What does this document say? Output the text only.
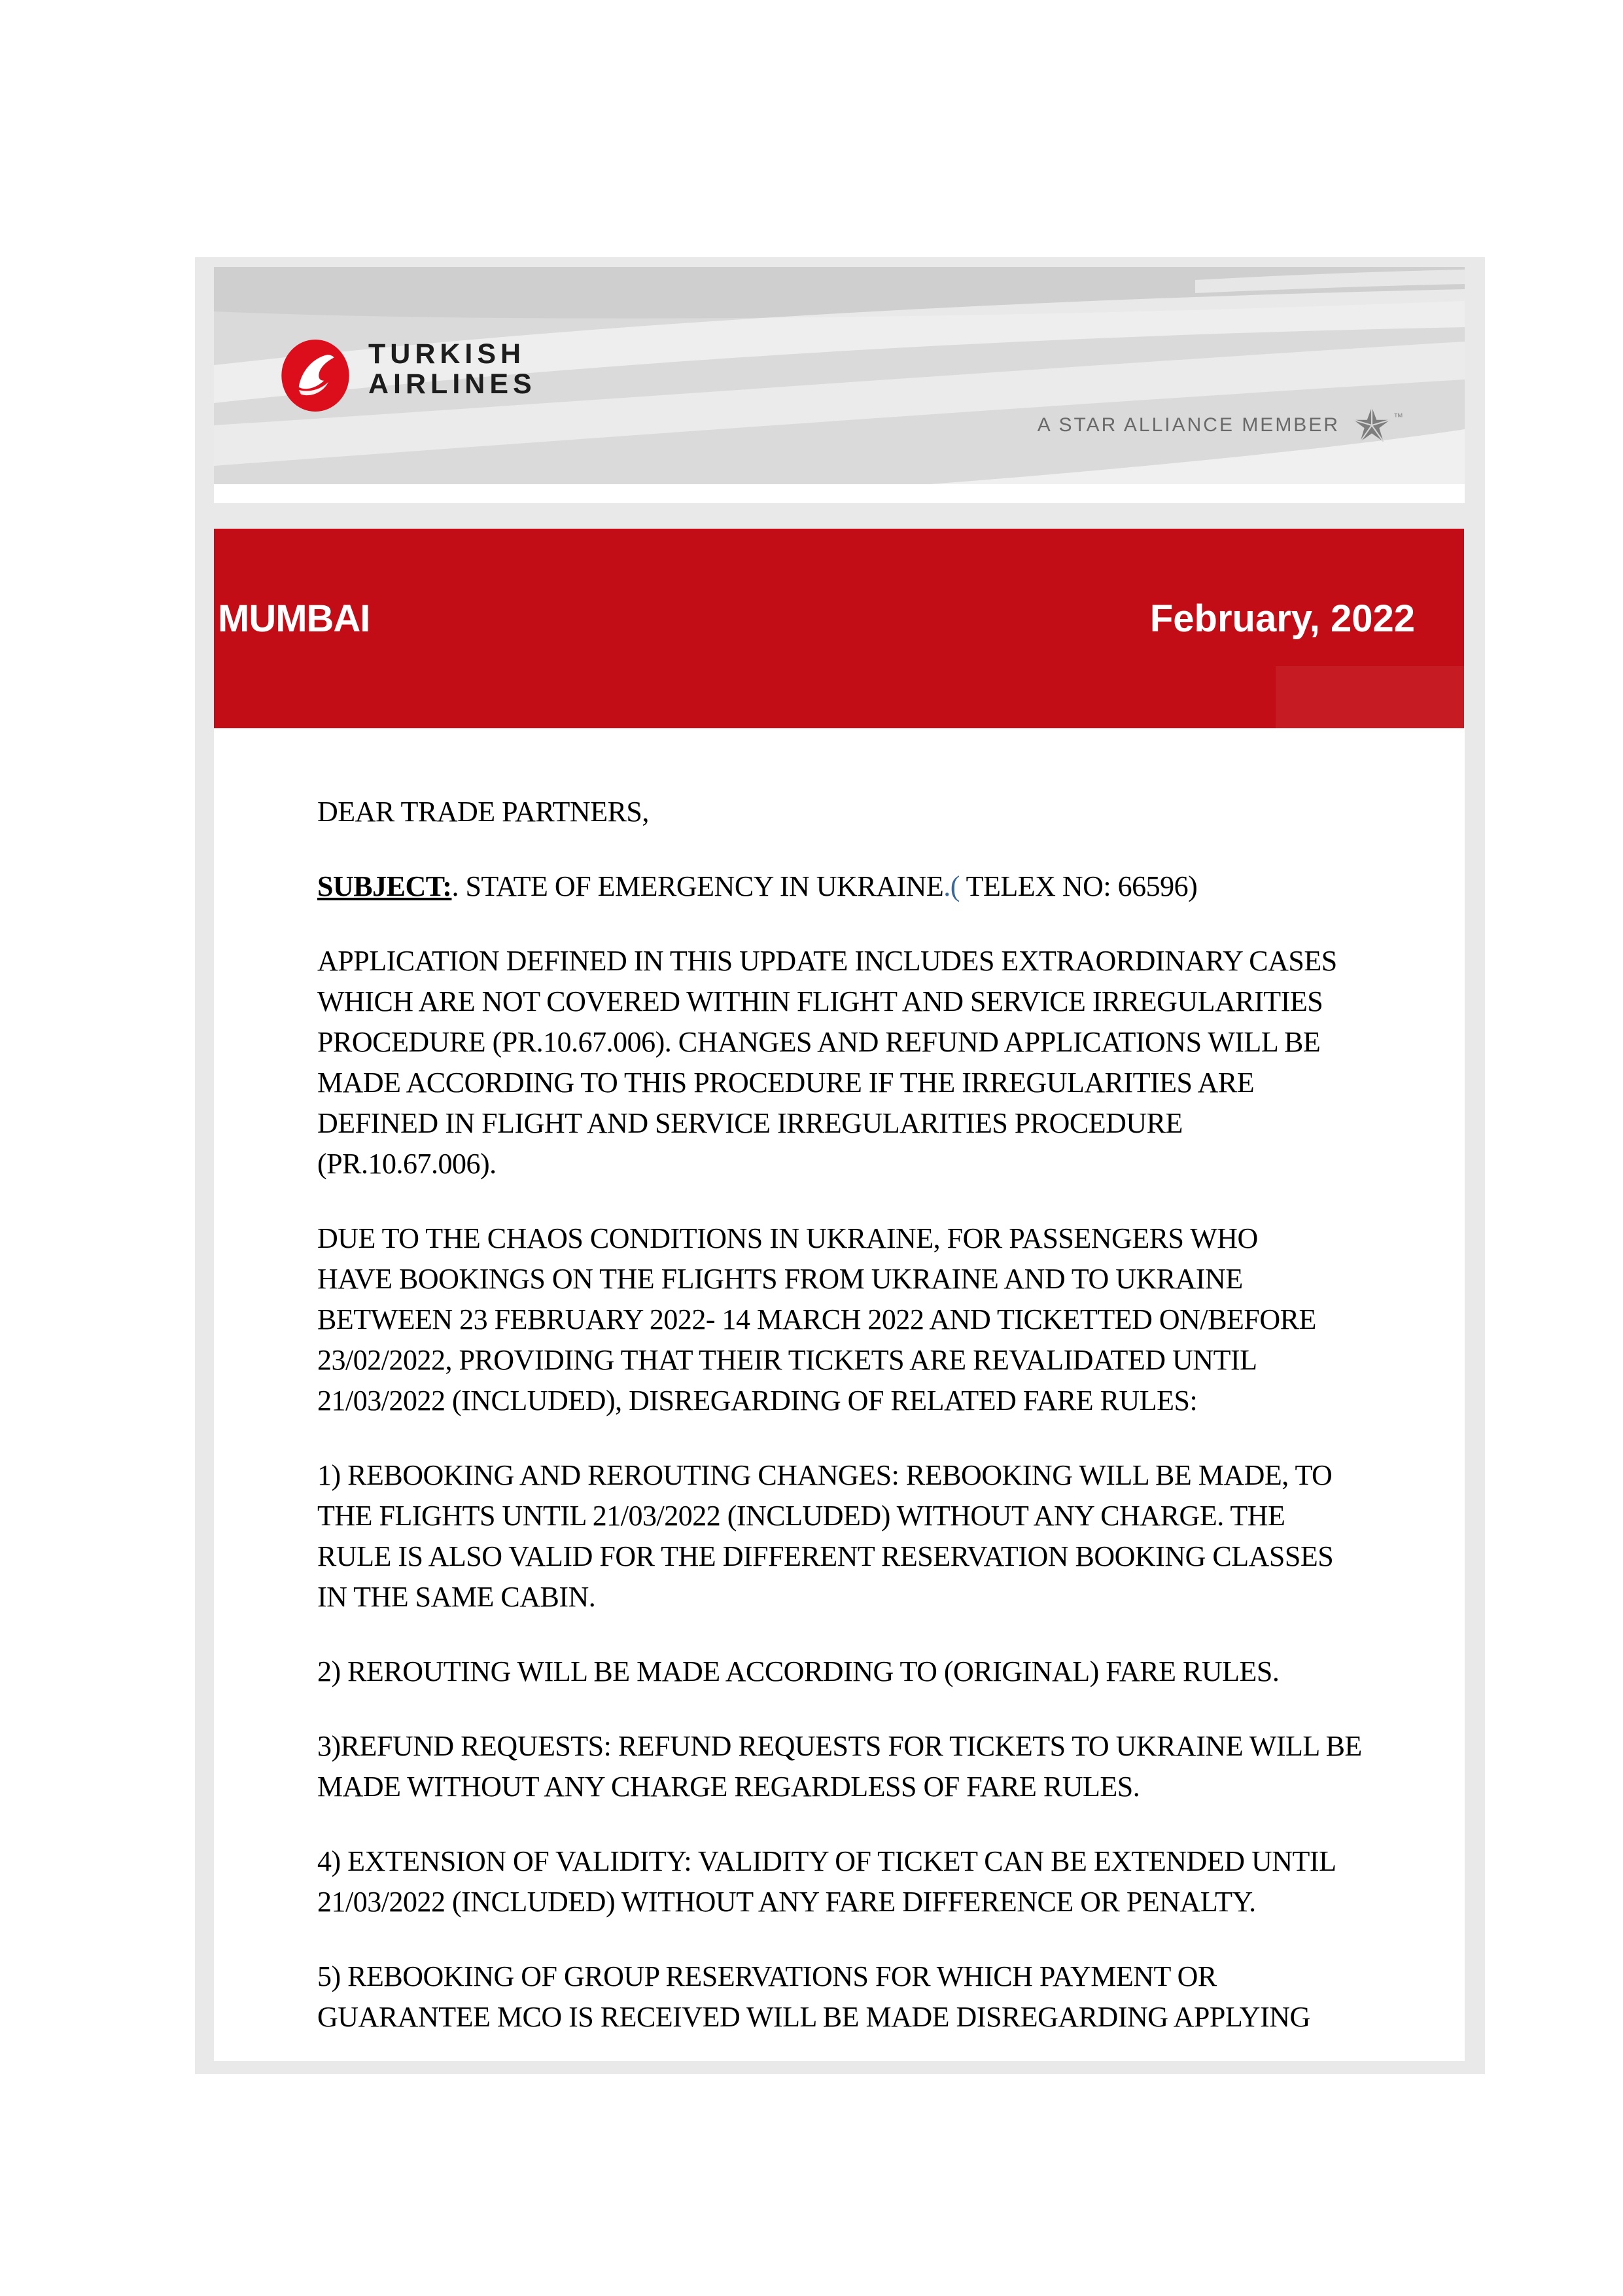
TURKISH
AIRLINES
A STAR ALLIANCE MEMBER	™
MUMBAI	February, 2022
DEAR TRADE PARTNERS,
SUBJECT:. STATE OF EMERGENCY IN UKRAINE.( TELEX NO: 66596)
APPLICATION DEFINED IN THIS UPDATE INCLUDES EXTRAORDINARY CASES
WHICH ARE NOT COVERED WITHIN FLIGHT AND SERVICE IRREGULARITIES
PROCEDURE (PR.10.67.006). CHANGES AND REFUND APPLICATIONS WILL BE
MADE ACCORDING TO THIS PROCEDURE IF THE IRREGULARITIES ARE
DEFINED IN FLIGHT AND SERVICE IRREGULARITIES PROCEDURE
(PR.10.67.006).
DUE TO THE CHAOS CONDITIONS IN UKRAINE, FOR PASSENGERS WHO
HAVE BOOKINGS ON THE FLIGHTS FROM UKRAINE AND TO UKRAINE
BETWEEN 23 FEBRUARY 2022- 14 MARCH 2022 AND TICKETTED ON/BEFORE
23/02/2022, PROVIDING THAT THEIR TICKETS ARE REVALIDATED UNTIL
21/03/2022 (INCLUDED), DISREGARDING OF RELATED FARE RULES:
1) REBOOKING AND REROUTING CHANGES: REBOOKING WILL BE MADE, TO
THE FLIGHTS UNTIL 21/03/2022 (INCLUDED) WITHOUT ANY CHARGE. THE
RULE IS ALSO VALID FOR THE DIFFERENT RESERVATION BOOKING CLASSES
IN THE SAME CABIN.
2) REROUTING WILL BE MADE ACCORDING TO (ORIGINAL) FARE RULES.
3)REFUND REQUESTS: REFUND REQUESTS FOR TICKETS TO UKRAINE WILL BE
MADE WITHOUT ANY CHARGE REGARDLESS OF FARE RULES.
4) EXTENSION OF VALIDITY: VALIDITY OF TICKET CAN BE EXTENDED UNTIL
21/03/2022 (INCLUDED) WITHOUT ANY FARE DIFFERENCE OR PENALTY.
5) REBOOKING OF GROUP RESERVATIONS FOR WHICH PAYMENT OR
GUARANTEE MCO IS RECEIVED WILL BE MADE DISREGARDING APPLYING
